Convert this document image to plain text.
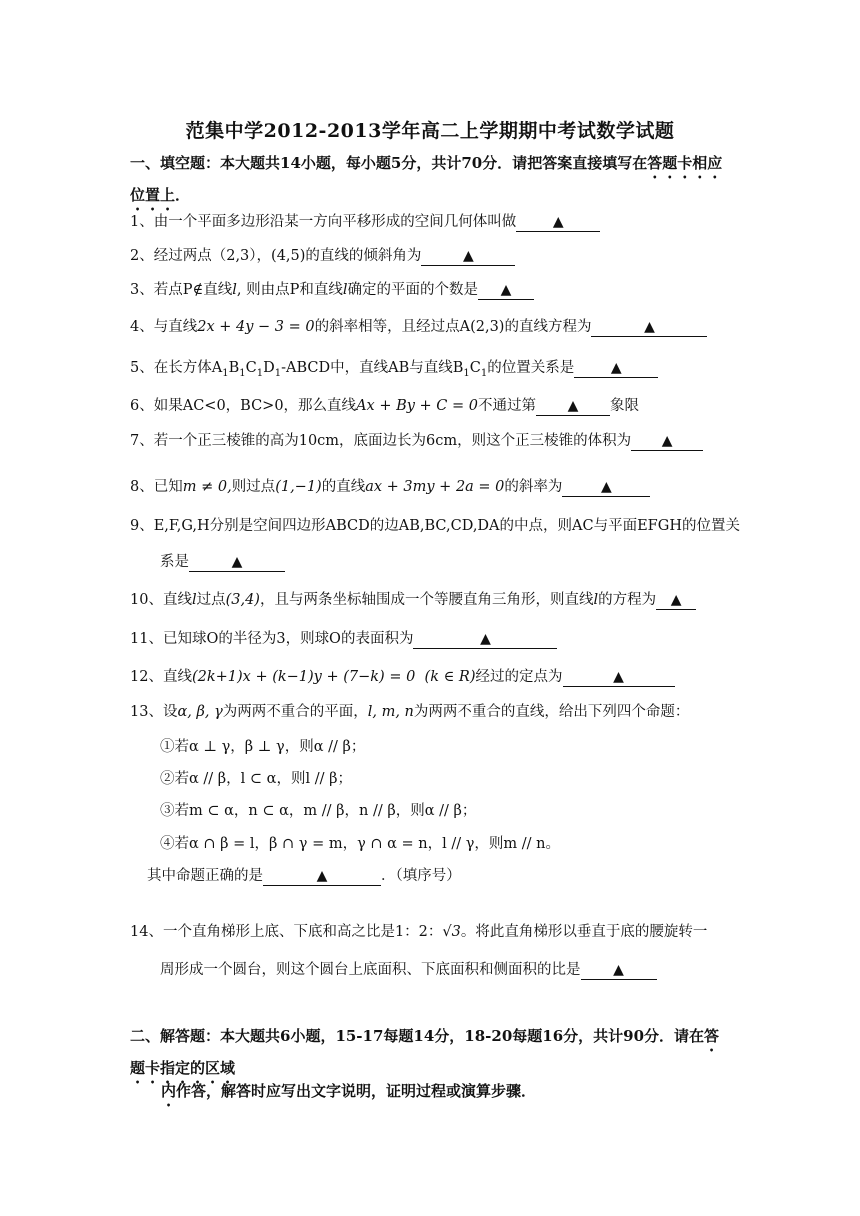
范集中学2012-2013学年高二上学期期中考试数学试题
一、填空题：本大题共14小题，每小题5分，共计70分．请把答案直接填写在答题卡相应位置上．
1、由一个平面多边形沿某一方向平移形成的空间几何体叫做	▲
2、经过两点（2,3），(4,5)的直线的倾斜角为	▲
3、若点P∉直线l, 则由点P和直线l确定的平面的个数是 ▲
4、与直线2x + 4y − 3 = 0的斜率相等，且经过点A(2,3)的直线方程为	▲
5、在长方体$A_1B_1C_1D_1$-ABCD中，直线AB与直线$B_1C_1$的位置关系是	▲
6、如果AC<0，BC>0，那么直线Ax + By + C = 0不通过第 ▲ 象限
7、若一个正三棱锥的高为10cm，底面边长为6cm，则这个正三棱锥的体积为 ▲
8、已知m ≠ 0,则过点(1,−1)的直线ax + 3my + 2a = 0的斜率为	▲
9、E,F,G,H分别是空间四边形ABCD的边AB,BC,CD,DA的中点，则AC与平面EFGH的位置关
系是	▲
10、直线l过点(3,4)，且与两条坐标轴围成一个等腰直角三角形，则直线l的方程为 ▲
11、已知球O的半径为3，则球O的表面积为	▲
12、直线(2k+1)x + (k−1)y + (7−k) = 0 (k ∈ R)经过的定点为	▲
13、设α, β, γ为两两不重合的平面，l, m, n为两两不重合的直线，给出下列四个命题：
①若α ⊥ γ，β ⊥ γ，则α // β；
②若α // β，l ⊂ α，则l // β；
③若m ⊂ α，n ⊂ α，m // β，n // β，则α // β；
④若α ∩ β = l，β ∩ γ = m，γ ∩ α = n，l // γ，则m // n。
其中命题正确的是	▲	．（填序号）
14、一个直角梯形上底、下底和高之比是1：2：√3。将此直角梯形以垂直于底的腰旋转一
周形成一个圆台，则这个圆台上底面积、下底面积和侧面积的比是 ▲
二、解答题：本大题共6小题，15-17每题14分，18-20每题16分，共计90分．请在答
题卡指定的区域
内作答，解答时应写出文字说明，证明过程或演算步骤．
